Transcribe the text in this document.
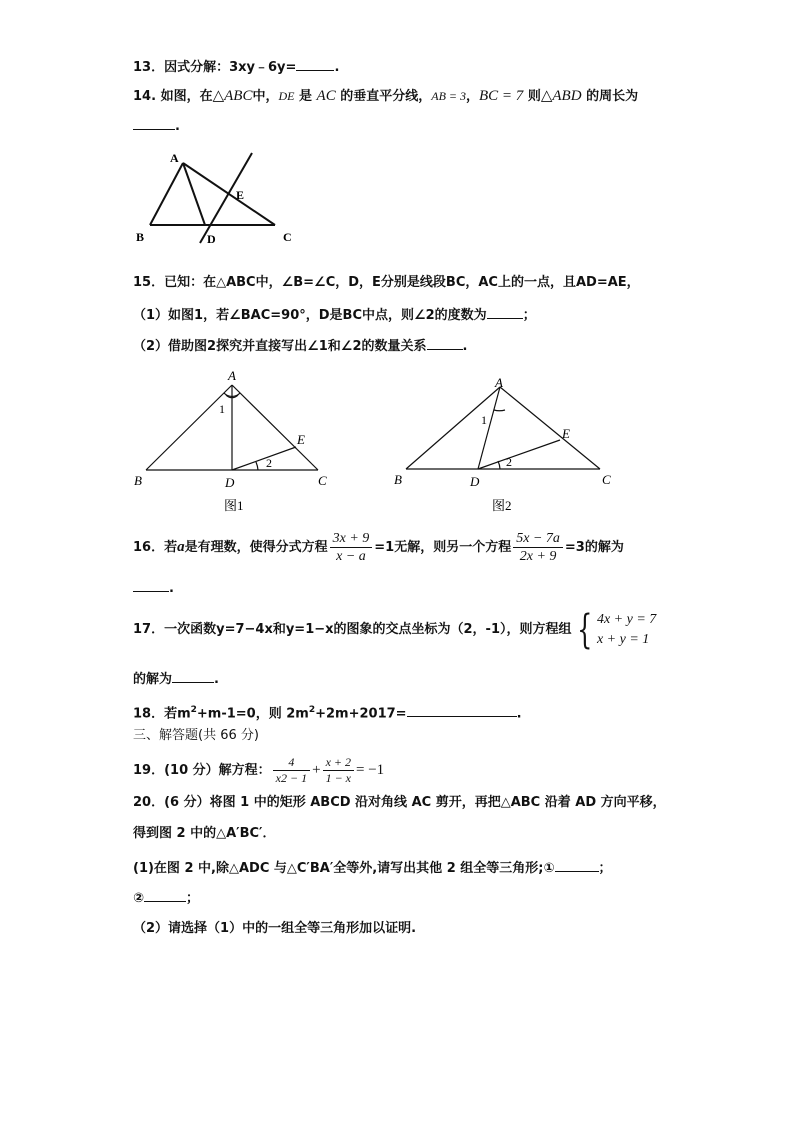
13．因式分解：3xy﹣6y=	.
14. 如图，在△ABC中，DE 是 AC 的垂直平分线，AB = 3，BC = 7 则△ABD 的周长为
.
A
B	C
D
E
15．已知：在△ABC中，∠B=∠C，D，E分别是线段BC，AC上的一点，且AD=AE，
（1）如图1，若∠BAC=90°，D是BC中点，则∠2的度数为	；
（2）借助图2探究并直接写出∠1和∠2的数量关系	.
A
B	C
D
E
1
2
图1
A
B	C
D
E
1
2
图2
16．若a是有理数，使得分式方程 $\frac{3x + 9}{x - a} =1$无解，则另一个方程 $\frac{5x - 7a}{2x + 9} =3$的解为
.
17．一次函数y=7−4x和y=1−x的图象的交点坐标为（2，-1），则方程组 { 4x + y = 7
x + y = 1
的解为	.
18．若$m^2+m-1=0$，则 $2m^2+2m+2017=$	.
三、解答题(共 66 分)
19．(10 分）解方程： $\frac{4}{x2 - 1} + \frac{x + 2}{1 - x} = -1$
20．(6 分）将图 1 中的矩形 ABCD 沿对角线 AC 剪开，再把△ABC 沿着 AD 方向平移，
得到图 2 中的△A′BC′．
(1)在图 2 中,除△ADC 与△C′BA′全等外,请写出其他 2 组全等三角形;①	；
②	；
（2）请选择（1）中的一组全等三角形加以证明.
